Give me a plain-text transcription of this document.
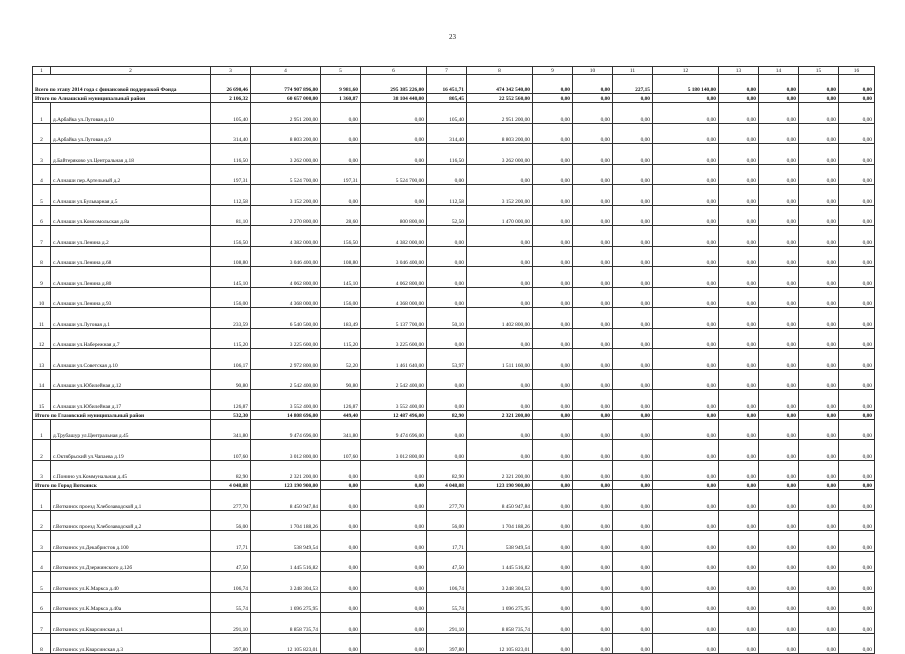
23
1	2	3	4	5	6	7	8	9	10	11	12	13	14	15	16
Всего по этапу 2014 года с финансовой поддержкой Фонда		26 690,46	774 907 896,00	9 981,60	295 385 226,00	16 451,71	474 342 540,00	0,00	0,00	227,15	5 180 140,00	0,00	0,00	0,00	0,00
Итого по Алнашский муниципальный район		2 106,32	60 657 000,00	1 360,87	38 104 440,00	805,45	22 552 560,00	0,00	0,00	0,00	0,00	0,00	0,00	0,00	0,00
1	д.Арбайка ул.Луговая д.10	105,40	2 951 200,00	0,00	0,00	105,40	2 951 200,00	0,00	0,00	0,00	0,00	0,00	0,00	0,00	0,00
2	д.Арбайка ул.Луговая д.9	314,40	8 803 200,00	0,00	0,00	314,40	8 803 200,00	0,00	0,00	0,00	0,00	0,00	0,00	0,00	0,00
3	д.Байтеряково ул.Центральная д.18	116,50	3 262 000,00	0,00	0,00	116,50	3 262 000,00	0,00	0,00	0,00	0,00	0,00	0,00	0,00	0,00
4	с.Алнаши пер.Артельный д.2	197,31	5 524 700,00	197,31	5 524 700,00	0,00	0,00	0,00	0,00	0,00	0,00	0,00	0,00	0,00	0,00
5	с.Алнаши ул.Бульварная д.5	112,58	3 152 200,00	0,00	0,00	112,58	3 152 200,00	0,00	0,00	0,00	0,00	0,00	0,00	0,00	0,00
6	с.Алнаши ул.Комсомольская д.8а	81,10	2 270 800,00	28,60	800 800,00	52,50	1 470 000,00	0,00	0,00	0,00	0,00	0,00	0,00	0,00	0,00
7	с.Алнаши ул.Ленина д.2	156,50	4 382 000,00	156,50	4 382 000,00	0,00	0,00	0,00	0,00	0,00	0,00	0,00	0,00	0,00	0,00
8	с.Алнаши ул.Ленина д.68	108,80	3 046 400,00	108,80	3 046 400,00	0,00	0,00	0,00	0,00	0,00	0,00	0,00	0,00	0,00	0,00
9	с.Алнаши ул.Ленина д.80	145,10	4 062 800,00	145,10	4 062 800,00	0,00	0,00	0,00	0,00	0,00	0,00	0,00	0,00	0,00	0,00
10	с.Алнаши ул.Ленина д.93	156,00	4 368 000,00	156,00	4 368 000,00	0,00	0,00	0,00	0,00	0,00	0,00	0,00	0,00	0,00	0,00
11	с.Алнаши ул.Луговая д.1	233,59	6 540 500,00	183,49	5 137 700,00	50,10	1 402 800,00	0,00	0,00	0,00	0,00	0,00	0,00	0,00	0,00
12	с.Алнаши ул.Набережная д.7	115,20	3 225 600,00	115,20	3 225 600,00	0,00	0,00	0,00	0,00	0,00	0,00	0,00	0,00	0,00	0,00
13	с.Алнаши ул.Советская д.10	106,17	2 972 800,00	52,20	1 461 640,00	53,97	1 511 160,00	0,00	0,00	0,00	0,00	0,00	0,00	0,00	0,00
14	с.Алнаши ул.Юбилейная д.12	90,80	2 542 400,00	90,80	2 542 400,00	0,00	0,00	0,00	0,00	0,00	0,00	0,00	0,00	0,00	0,00
15	с.Алнаши ул.Юбилейная д.17	126,87	3 552 400,00	126,87	3 552 400,00	0,00	0,00	0,00	0,00	0,00	0,00	0,00	0,00	0,00	0,00
Итого по Глазовский муниципальный район		532,30	14 808 696,00	449,40	12 487 496,00	82,90	2 321 200,00	0,00	0,00	0,00	0,00	0,00	0,00	0,00	0,00
1	д.Трубашур ул.Центральная д.45	341,80	9 474 696,00	341,80	9 474 696,00	0,00	0,00	0,00	0,00	0,00	0,00	0,00	0,00	0,00	0,00
2	с.Октябрьский ул.Чапаева д.19	107,60	3 012 800,00	107,60	3 012 800,00	0,00	0,00	0,00	0,00	0,00	0,00	0,00	0,00	0,00	0,00
3	с.Понино ул.Коммунальная д.45	82,90	2 321 200,00	0,00	0,00	82,90	2 321 200,00	0,00	0,00	0,00	0,00	0,00	0,00	0,00	0,00
Итого по Город Воткинск		4 048,08	123 190 900,00	0,00	0,00	4 048,08	123 190 900,00	0,00	0,00	0,00	0,00	0,00	0,00	0,00	0,00
1	г.Воткинск проезд Хлебозаводской д.1	277,70	8 450 947,84	0,00	0,00	277,70	8 450 947,84	0,00	0,00	0,00	0,00	0,00	0,00	0,00	0,00
2	г.Воткинск проезд Хлебозаводской д.2	56,00	1 704 188,26	0,00	0,00	56,00	1 704 188,26	0,00	0,00	0,00	0,00	0,00	0,00	0,00	0,00
3	г.Воткинск ул.Декабристов д.100	17,71	538 949,54	0,00	0,00	17,71	538 949,54	0,00	0,00	0,00	0,00	0,00	0,00	0,00	0,00
4	г.Воткинск ул.Дзержинского д.12б	47,50	1 445 516,82	0,00	0,00	47,50	1 445 516,82	0,00	0,00	0,00	0,00	0,00	0,00	0,00	0,00
5	г.Воткинск ул.К.Маркса д.40	106,74	3 248 304,53	0,00	0,00	106,74	3 248 304,53	0,00	0,00	0,00	0,00	0,00	0,00	0,00	0,00
6	г.Воткинск ул.К.Маркса д.40а	55,74	1 696 275,95	0,00	0,00	55,74	1 696 275,95	0,00	0,00	0,00	0,00	0,00	0,00	0,00	0,00
7	г.Воткинск ул.Кварсинская д.1	291,10	8 858 735,74	0,00	0,00	291,10	8 858 735,74	0,00	0,00	0,00	0,00	0,00	0,00	0,00	0,00
8	г.Воткинск ул.Кварсинская д.3	397,80	12 105 823,01	0,00	0,00	397,80	12 105 823,01	0,00	0,00	0,00	0,00	0,00	0,00	0,00	0,00
